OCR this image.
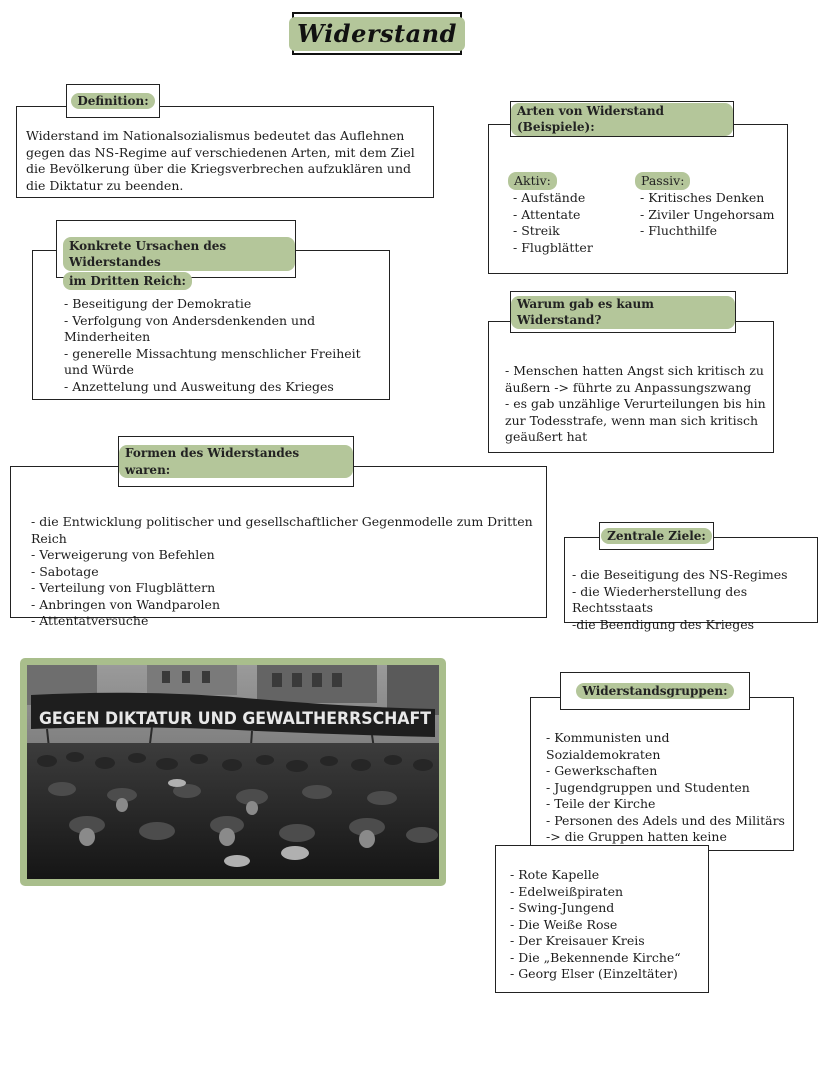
Widerstand
Widerstand im Nationalsozialismus bedeutet das Auflehnen gegen das NS-Regime auf verschiedenen Arten, mit dem Ziel die Bevölkerung über die Kriegsverbrechen aufzuklären und die Diktatur zu beenden.
Definition:
- Beseitigung der Demokratie
- Verfolgung von Andersdenkenden und Minderheiten
- generelle Missachtung menschlicher Freiheit und Würde
- Anzettelung und Ausweitung des Krieges
Konkrete Ursachen des Widerstandes
im Dritten Reich:
Aktiv:
- Aufstände
- Attentate
- Streik
- Flugblätter
Passiv:
- Kritisches Denken
- Ziviler Ungehorsam
- Fluchthilfe
Arten von Widerstand (Beispiele):
- Menschen hatten Angst sich kritisch zu äußern -> führte zu Anpassungszwang
- es gab unzählige Verurteilungen bis hin zur Todesstrafe, wenn man sich kritisch geäußert hat
Warum gab es kaum Widerstand?
- die Entwicklung politischer und gesellschaftlicher Gegenmodelle zum Dritten Reich
- Verweigerung von Befehlen
- Sabotage
- Verteilung von Flugblättern
- Anbringen von Wandparolen
- Attentatversuche
Formen des Widerstandes waren:
- die Beseitigung des NS-Regimes
- die Wiederherstellung des Rechtsstaats
-die Beendigung des Krieges
Zentrale Ziele:
GEGEN DIKTATUR UND GEWALTHERRSCHAFT
- Kommunisten und Sozialdemokraten
- Gewerkschaften
- Jugendgruppen und Studenten
- Teile der Kirche
- Personen des Adels und des Militärs
-> die Gruppen hatten keine
Widerstandsgruppen:
- Rote Kapelle
- Edelweißpiraten
- Swing-Jungend
- Die Weiße Rose
- Der Kreisauer Kreis
- Die „Bekennende Kirche“
- Georg Elser (Einzeltäter)
